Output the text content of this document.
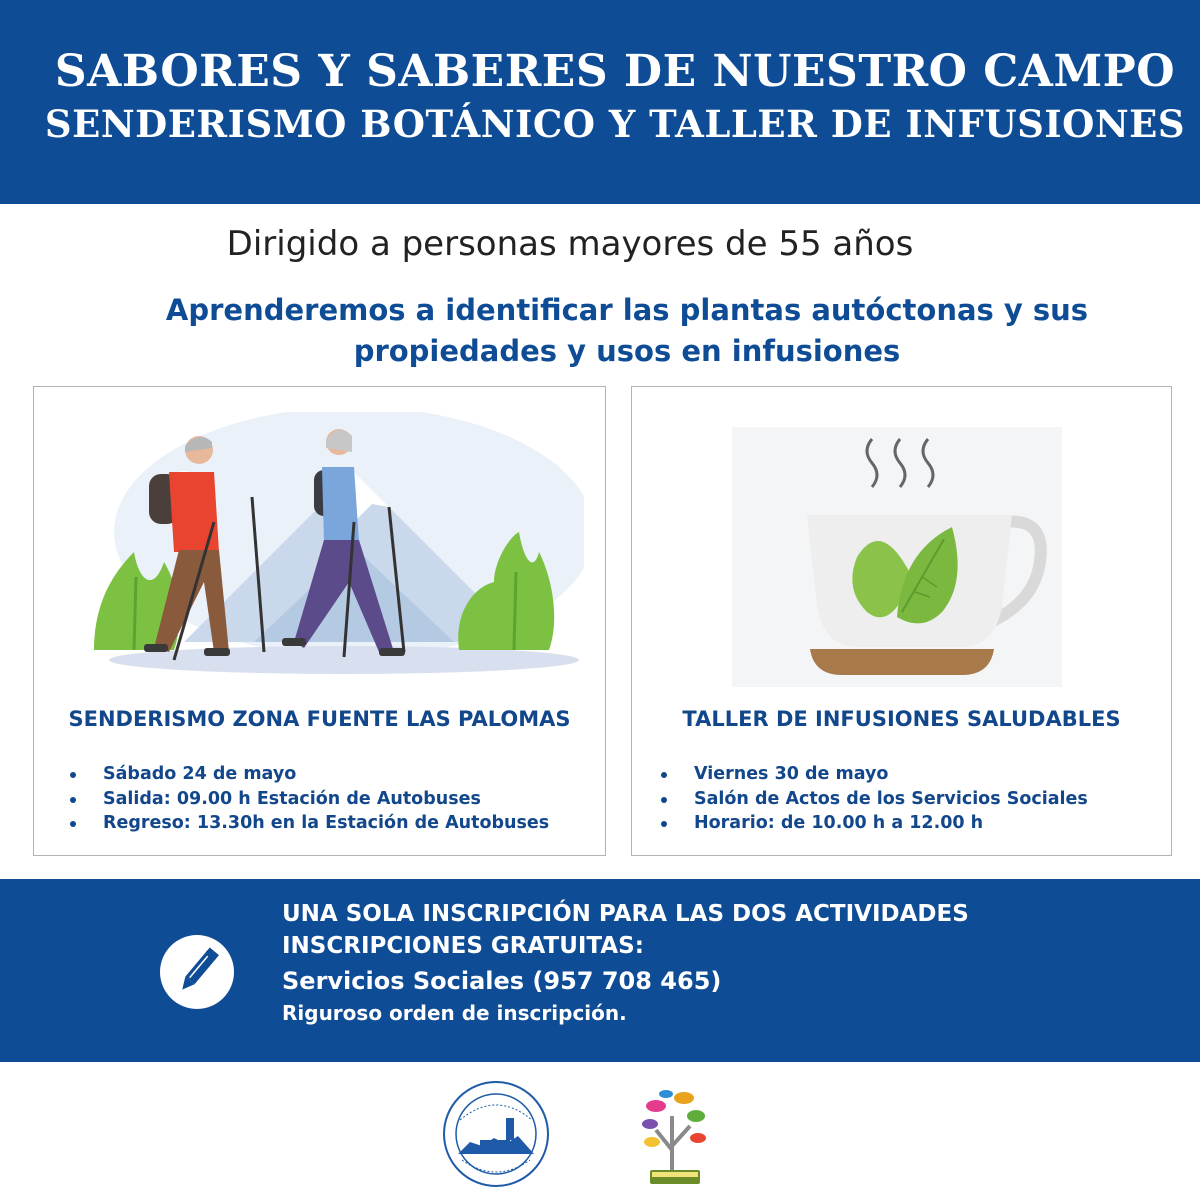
SABORES Y SABERES DE NUESTRO CAMPO
SENDERISMO BOTÁNICO Y TALLER DE INFUSIONES
Dirigido a personas mayores de 55 años
Aprenderemos a identificar las plantas autóctonas y sus
propiedades y usos en infusiones
SENDERISMO ZONA FUENTE LAS PALOMAS
Sábado 24 de mayo
Salida: 09.00 h Estación de Autobuses
Regreso: 13.30h en la Estación de Autobuses
TALLER DE INFUSIONES SALUDABLES
Viernes 30 de mayo
Salón de Actos de los Servicios Sociales
Horario: de 10.00 h a 12.00 h
UNA SOLA INSCRIPCIÓN PARA LAS DOS ACTIVIDADES
INSCRIPCIONES GRATUITAS:
Servicios Sociales (957 708 465)
Riguroso orden de inscripción.
